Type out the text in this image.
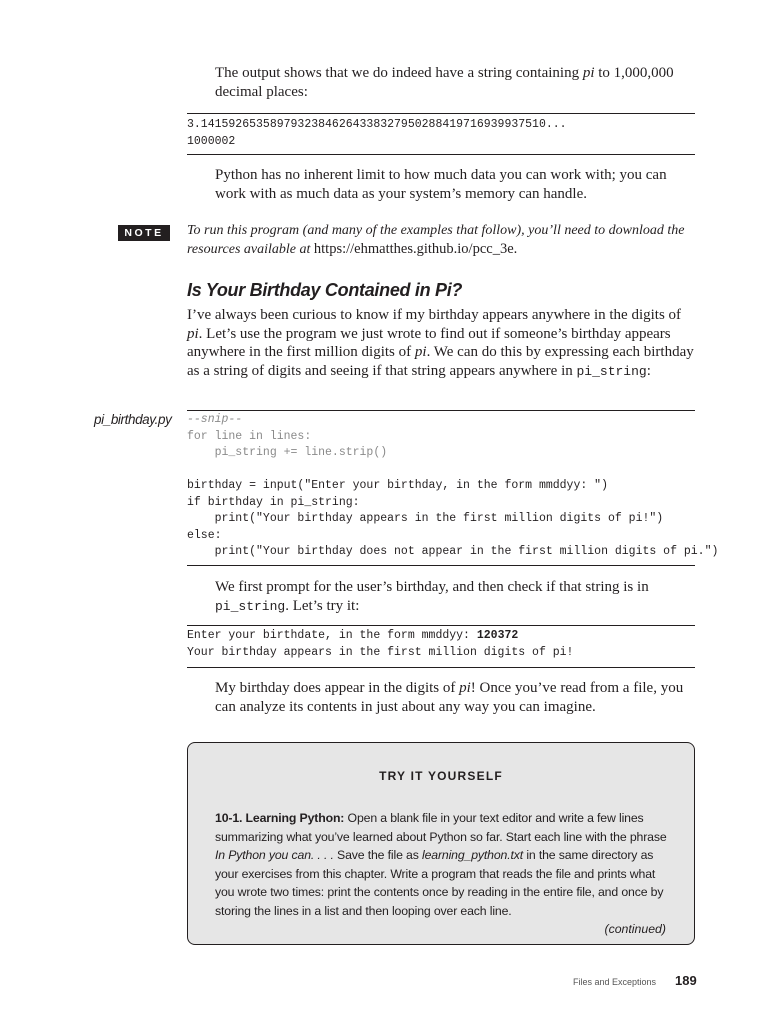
The output shows that we do indeed have a string containing pi to 1,000,000 decimal places:
3.14159265358979323846264338327950288419716939937510...
1000002
Python has no inherent limit to how much data you can work with; you can work with as much data as your system’s memory can handle.
NOTE	To run this program (and many of the examples that follow), you’ll need to download the resources available at https://ehmatthes.github.io/pcc_3e.
Is Your Birthday Contained in Pi?
I’ve always been curious to know if my birthday appears anywhere in the digits of pi. Let’s use the program we just wrote to find out if someone’s birthday appears anywhere in the first million digits of pi. We can do this by expressing each birthday as a string of digits and seeing if that string appears anywhere in pi_string:
pi_birthday.py --snip--
for line in lines:
pi_string += line.strip()

birthday = input("Enter your birthday, in the form mmddyy: ")
if birthday in pi_string:
print("Your birthday appears in the first million digits of pi!")
else:
print("Your birthday does not appear in the first million digits of pi.")
We first prompt for the user’s birthday, and then check if that string is in pi_string. Let’s try it:
Enter your birthdate, in the form mmddyy: 120372
Your birthday appears in the first million digits of pi!
My birthday does appear in the digits of pi! Once you’ve read from a file, you can analyze its contents in just about any way you can imagine.
TRY IT YOURSELF
10-1. Learning Python: Open a blank file in your text editor and write a few lines summarizing what you’ve learned about Python so far. Start each line with the phrase In Python you can. . . . Save the file as learning_python.txt in the same directory as your exercises from this chapter. Write a program that reads the file and prints what you wrote two times: print the contents once by reading in the entire file, and once by storing the lines in a list and then looping over each line.
(continued)
Files and Exceptions 189
